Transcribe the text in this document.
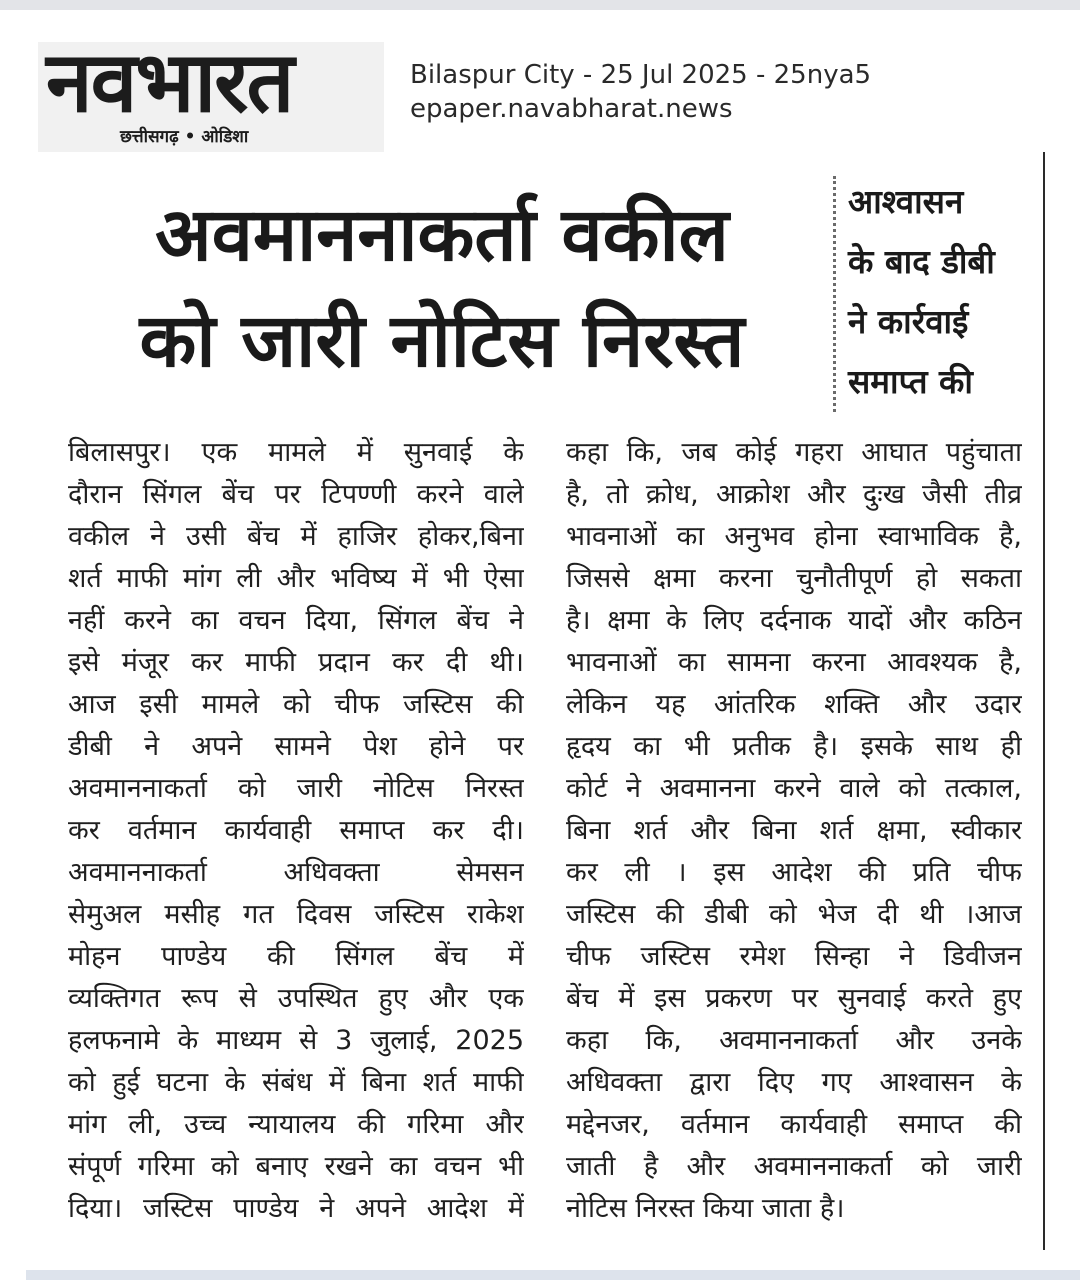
नवभारत
छत्तीसगढ़ • ओडिशा
Bilaspur City - 25 Jul 2025 - 25nya5
epaper.navabharat.news
अवमाननाकर्ता वकील
को जारी नोटिस निरस्त
आश्वासन
के बाद डीबी
ने कार्रवाई
समाप्त की
बिलासपुर। एक मामले में सुनवाई के
दौरान सिंगल बेंच पर टिपण्णी करने वाले
वकील ने उसी बेंच में हाजिर होकर,बिना
शर्त माफी मांग ली और भविष्य में भी ऐसा
नहीं करने का वचन दिया, सिंगल बेंच ने
इसे मंजूर कर माफी प्रदान कर दी थी।
आज इसी मामले को चीफ जस्टिस की
डीबी ने अपने सामने पेश होने पर
अवमाननाकर्ता को जारी नोटिस निरस्त
कर वर्तमान कार्यवाही समाप्त कर दी।
अवमाननाकर्ता अधिवक्ता सेमसन
सेमुअल मसीह गत दिवस जस्टिस राकेश
मोहन पाण्डेय की सिंगल बेंच में
व्यक्तिगत रूप से उपस्थित हुए और एक
हलफनामे के माध्यम से 3 जुलाई, 2025
को हुई घटना के संबंध में बिना शर्त माफी
मांग ली, उच्च न्यायालय की गरिमा और
संपूर्ण गरिमा को बनाए रखने का वचन भी
दिया। जस्टिस पाण्डेय ने अपने आदेश में
कहा कि, जब कोई गहरा आघात पहुंचाता
है, तो क्रोध, आक्रोश और दुःख जैसी तीव्र
भावनाओं का अनुभव होना स्वाभाविक है,
जिससे क्षमा करना चुनौतीपूर्ण हो सकता
है। क्षमा के लिए दर्दनाक यादों और कठिन
भावनाओं का सामना करना आवश्यक है,
लेकिन यह आंतरिक शक्ति और उदार
हृदय का भी प्रतीक है। इसके साथ ही
कोर्ट ने अवमानना करने वाले को तत्काल,
बिना शर्त और बिना शर्त क्षमा, स्वीकार
कर ली । इस आदेश की प्रति चीफ
जस्टिस की डीबी को भेज दी थी ।आज
चीफ जस्टिस रमेश सिन्हा ने डिवीजन
बेंच में इस प्रकरण पर सुनवाई करते हुए
कहा कि, अवमाननाकर्ता और उनके
अधिवक्ता द्वारा दिए गए आश्वासन के
मद्देनजर, वर्तमान कार्यवाही समाप्त की
जाती है और अवमाननाकर्ता को जारी
नोटिस निरस्त किया जाता है।
